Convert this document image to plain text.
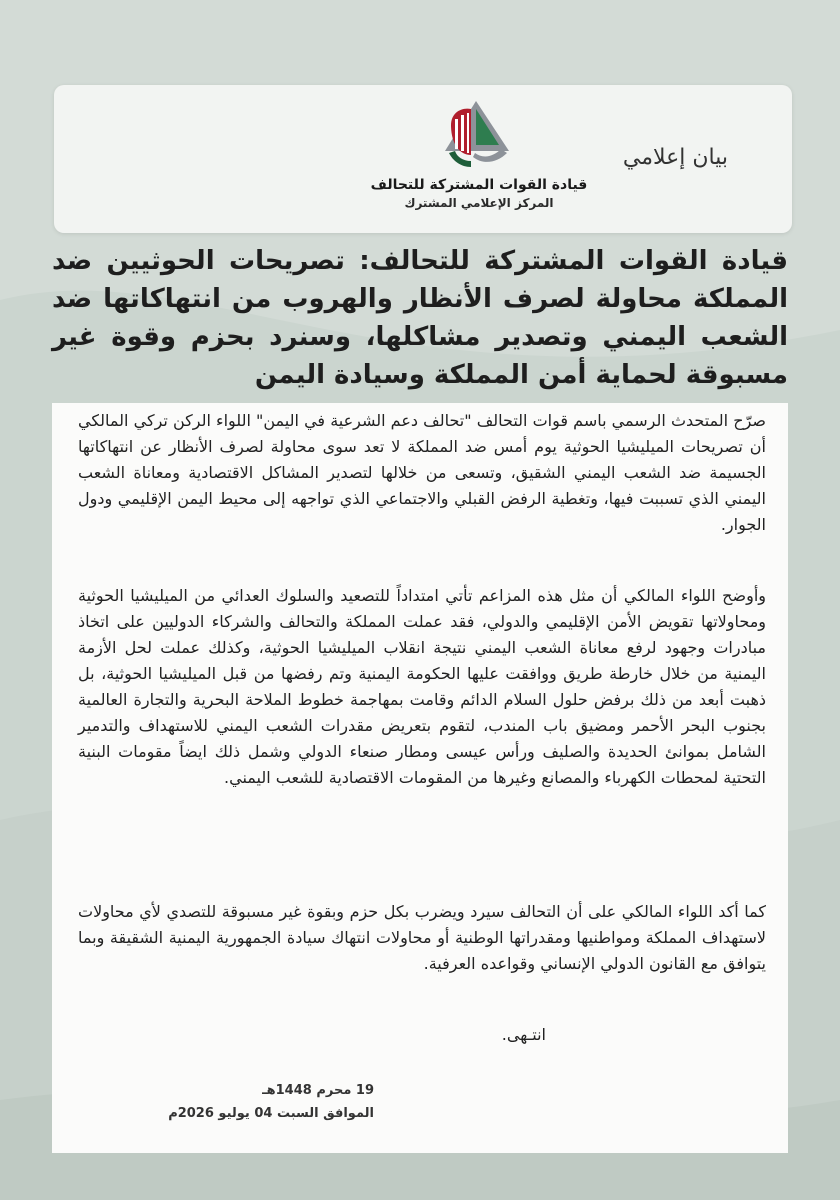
قيادة القوات المشتركة للتحالف
المركز الإعلامي المشترك
بيان إعلامي
قيادة القوات المشتركة للتحالف: تصريحات الحوثيين ضد المملكة محاولة لصرف الأنظار والهروب من انتهاكاتها ضد الشعب اليمني وتصدير مشاكلها، وسنرد بحزم وقوة غير مسبوقة لحماية أمن المملكة وسيادة اليمن
صرّح المتحدث الرسمي باسم قوات التحالف "تحالف دعم الشرعية في اليمن" اللواء الركن تركي المالكي أن تصريحات الميليشيا الحوثية يوم أمس ضد المملكة لا تعد سوى محاولة لصرف الأنظار عن انتهاكاتها الجسيمة ضد الشعب اليمني الشقيق، وتسعى من خلالها لتصدير المشاكل الاقتصادية ومعاناة الشعب اليمني الذي تسببت فيها، وتغطية الرفض القبلي والاجتماعي الذي تواجهه إلى محيط اليمن الإقليمي ودول الجوار.
وأوضح اللواء المالكي أن مثل هذه المزاعم تأتي امتداداً للتصعيد والسلوك العدائي من الميليشيا الحوثية ومحاولاتها تقويض الأمن الإقليمي والدولي، فقد عملت المملكة والتحالف والشركاء الدوليين على اتخاذ مبادرات وجهود لرفع معاناة الشعب اليمني نتيجة انقلاب الميليشيا الحوثية، وكذلك عملت لحل الأزمة اليمنية من خلال خارطة طريق ووافقت عليها الحكومة اليمنية وتم رفضها من قبل الميليشيا الحوثية، بل ذهبت أبعد من ذلك برفض حلول السلام الدائم وقامت بمهاجمة خطوط الملاحة البحرية والتجارة العالمية بجنوب البحر الأحمر ومضيق باب المندب، لتقوم بتعريض مقدرات الشعب اليمني للاستهداف والتدمير الشامل بموانئ الحديدة والصليف ورأس عيسى ومطار صنعاء الدولي وشمل ذلك ايضاً مقومات البنية التحتية لمحطات الكهرباء والمصانع وغيرها من المقومات الاقتصادية للشعب اليمني.
كما أكد اللواء المالكي على أن التحالف سيرد ويضرب بكل حزم وبقوة غير مسبوقة للتصدي لأي محاولات لاستهداف المملكة ومواطنيها ومقدراتها الوطنية أو محاولات انتهاك سيادة الجمهورية اليمنية الشقيقة وبما يتوافق مع القانون الدولي الإنساني وقواعده العرفية.
انتـهى.
19 محرم 1448هـ
الموافق السبت 04 يوليو 2026م
